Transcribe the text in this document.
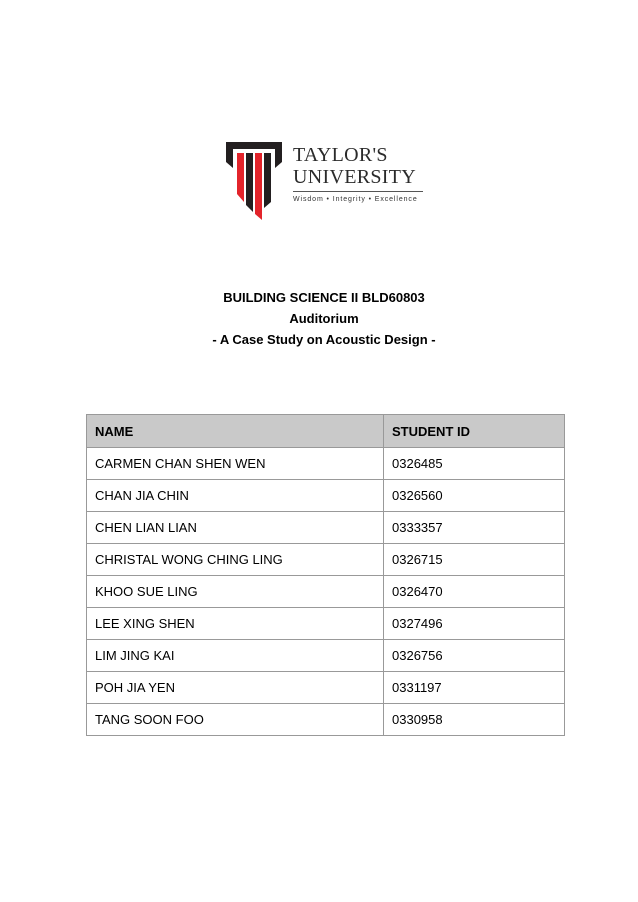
TAYLOR'S
UNIVERSITY
Wisdom • Integrity • Excellence
BUILDING SCIENCE II BLD60803
Auditorium
- A Case Study on Acoustic Design -
NAME	STUDENT ID
CARMEN CHAN SHEN WEN	0326485
CHAN JIA CHIN	0326560
CHEN LIAN LIAN	0333357
CHRISTAL WONG CHING LING	0326715
KHOO SUE LING	0326470
LEE XING SHEN	0327496
LIM JING KAI	0326756
POH JIA YEN	0331197
TANG SOON FOO	0330958
